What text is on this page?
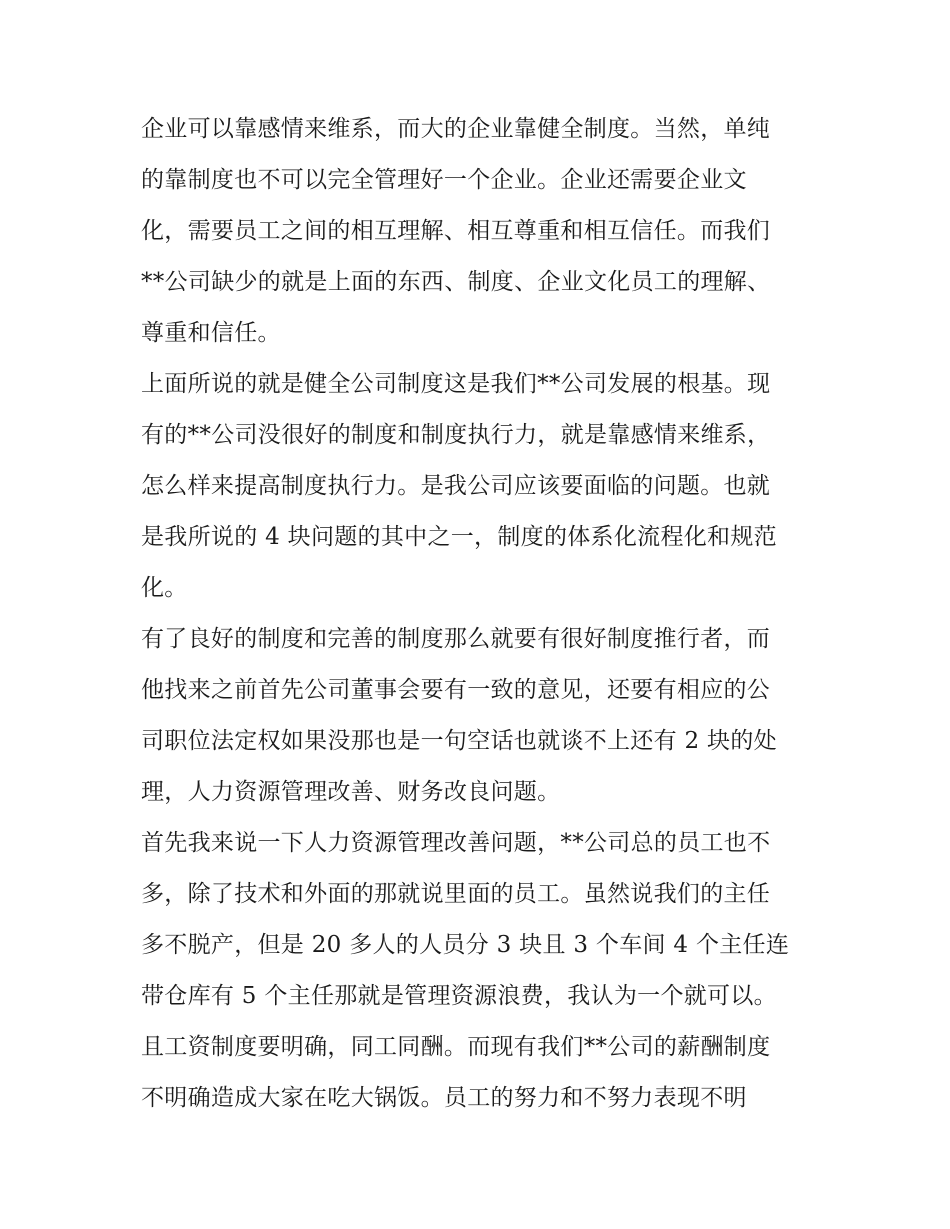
企业可以靠感情来维系，而大的企业靠健全制度。当然，单纯
的靠制度也不可以完全管理好一个企业。企业还需要企业文
化，需要员工之间的相互理解、相互尊重和相互信任。而我们
**公司缺少的就是上面的东西、制度、企业文化员工的理解、
尊重和信任。
上面所说的就是健全公司制度这是我们**公司发展的根基。现
有的**公司没很好的制度和制度执行力，就是靠感情来维系，
怎么样来提高制度执行力。是我公司应该要面临的问题。也就
是我所说的 4 块问题的其中之一，制度的体系化流程化和规范
化。
有了良好的制度和完善的制度那么就要有很好制度推行者，而
他找来之前首先公司董事会要有一致的意见，还要有相应的公
司职位法定权如果没那也是一句空话也就谈不上还有 2 块的处
理，人力资源管理改善、财务改良问题。
首先我来说一下人力资源管理改善问题，**公司总的员工也不
多，除了技术和外面的那就说里面的员工。虽然说我们的主任
多不脱产，但是 20 多人的人员分 3 块且 3 个车间 4 个主任连
带仓库有 5 个主任那就是管理资源浪费，我认为一个就可以。
且工资制度要明确，同工同酬。而现有我们**公司的薪酬制度
不明确造成大家在吃大锅饭。员工的努力和不努力表现不明
